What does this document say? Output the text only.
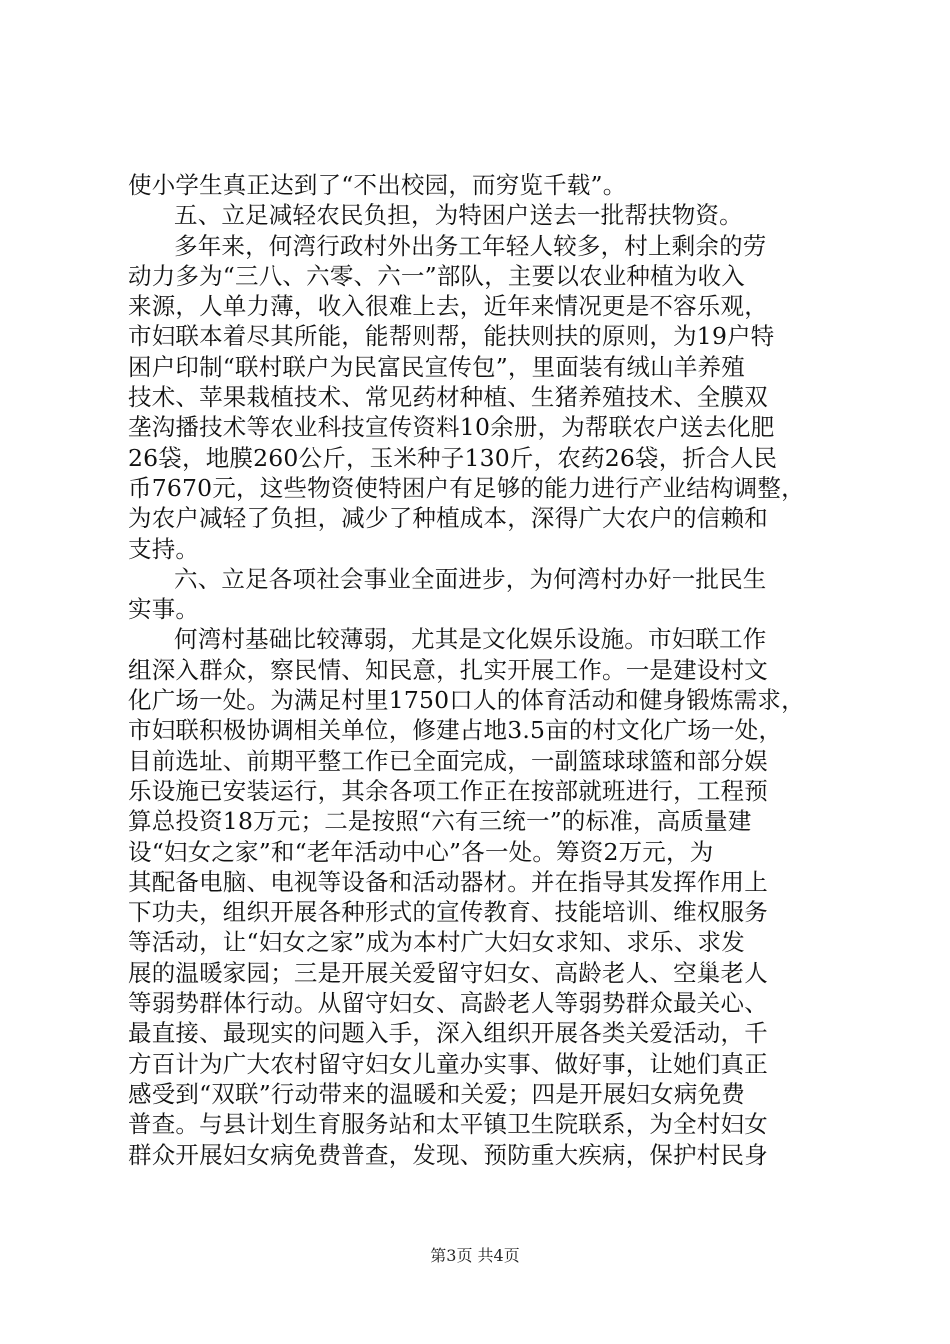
使小学生真正达到了“不出校园，而穷览千载”。
五、立足减轻农民负担，为特困户送去一批帮扶物资。
多年来，何湾行政村外出务工年轻人较多，村上剩余的劳
动力多为“三八、六零、六一”部队，主要以农业种植为收入
来源，人单力薄，收入很难上去，近年来情况更是不容乐观，
市妇联本着尽其所能，能帮则帮，能扶则扶的原则，为19户特
困户印制“联村联户为民富民宣传包”，里面装有绒山羊养殖
技术、苹果栽植技术、常见药材种植、生猪养殖技术、全膜双
垄沟播技术等农业科技宣传资料10余册，为帮联农户送去化肥
26袋，地膜260公斤，玉米种子130斤，农药26袋，折合人民
币7670元，这些物资使特困户有足够的能力进行产业结构调整，
为农户减轻了负担，减少了种植成本，深得广大农户的信赖和
支持。
六、立足各项社会事业全面进步，为何湾村办好一批民生
实事。
何湾村基础比较薄弱，尤其是文化娱乐设施。市妇联工作
组深入群众，察民情、知民意，扎实开展工作。一是建设村文
化广场一处。为满足村里1750口人的体育活动和健身锻炼需求，
市妇联积极协调相关单位，修建占地3.5亩的村文化广场一处，
目前选址、前期平整工作已全面完成，一副篮球球篮和部分娱
乐设施已安装运行，其余各项工作正在按部就班进行，工程预
算总投资18万元；二是按照“六有三统一”的标准，高质量建
设“妇女之家”和“老年活动中心”各一处。筹资2万元，为
其配备电脑、电视等设备和活动器材。并在指导其发挥作用上
下功夫，组织开展各种形式的宣传教育、技能培训、维权服务
等活动，让“妇女之家”成为本村广大妇女求知、求乐、求发
展的温暖家园；三是开展关爱留守妇女、高龄老人、空巢老人
等弱势群体行动。从留守妇女、高龄老人等弱势群众最关心、
最直接、最现实的问题入手，深入组织开展各类关爱活动，千
方百计为广大农村留守妇女儿童办实事、做好事，让她们真正
感受到“双联”行动带来的温暖和关爱；四是开展妇女病免费
普查。与县计划生育服务站和太平镇卫生院联系，为全村妇女
群众开展妇女病免费普查，发现、预防重大疾病，保护村民身
第3页 共4页
